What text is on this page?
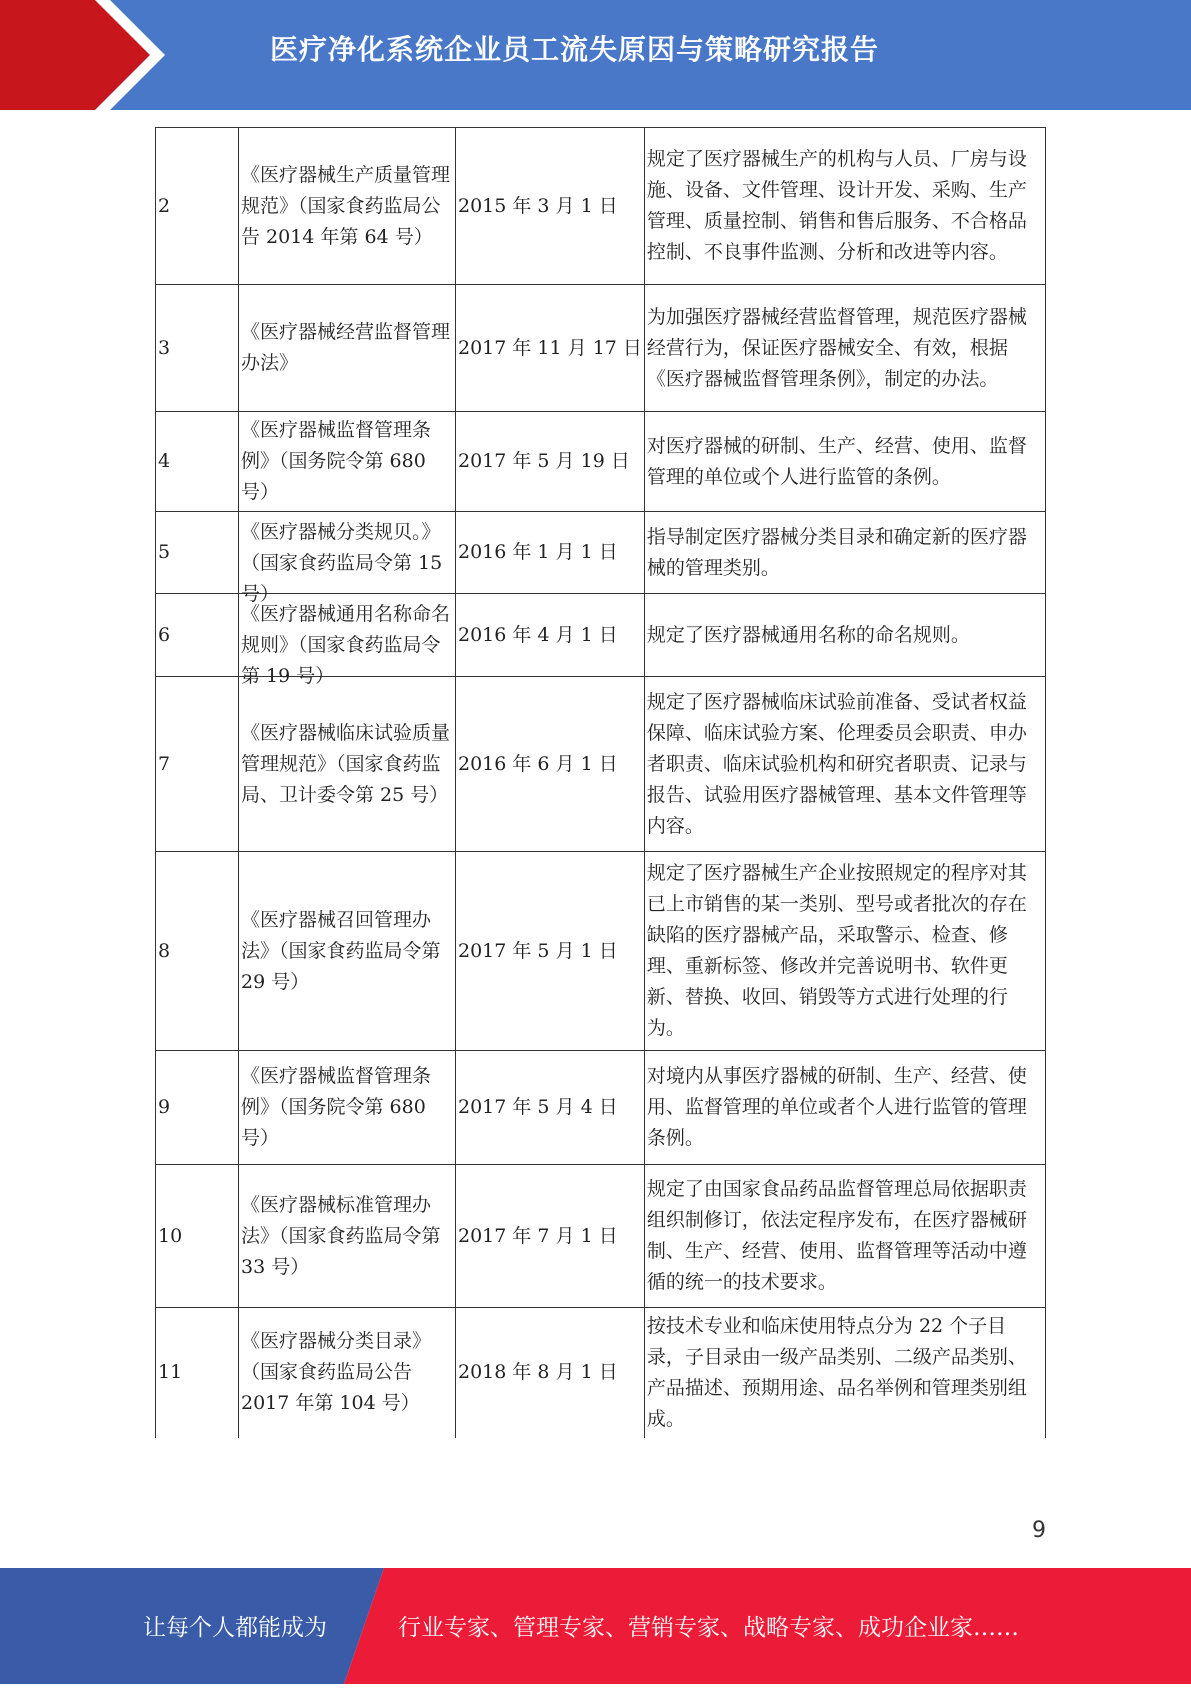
医疗净化系统企业员工流失原因与策略研究报告
2	《医疗器械生产质量管理规范》（国家食药监局公告 2014 年第 64 号）	2015 年 3 月 1 日	规定了医疗器械生产的机构与人员、厂房与设施、设备、文件管理、设计开发、采购、生产管理、质量控制、销售和售后服务、不合格品控制、不良事件监测、分析和改进等内容。
3	《医疗器械经营监督管理办法》	2017 年 11 月 17 日	为加强医疗器械经营监督管理，规范医疗器械经营行为，保证医疗器械安全、有效，根据《医疗器械监督管理条例》，制定的办法。
4	《医疗器械监督管理条例》（国务院令第 680 号）	2017 年 5 月 19 日	对医疗器械的研制、生产、经营、使用、监督管理的单位或个人进行监管的条例。
5	《医疗器械分类规贝。》（国家食药监局令第 15 号）	2016 年 1 月 1 日	指导制定医疗器械分类目录和确定新的医疗器械的管理类别。
6	《医疗器械通用名称命名规则》（国家食药监局令第 19 号）	2016 年 4 月 1 日	规定了医疗器械通用名称的命名规则。
7	《医疗器械临床试验质量管理规范》（国家食药监局、卫计委令第 25 号）	2016 年 6 月 1 日	规定了医疗器械临床试验前准备、受试者权益保障、临床试验方案、伦理委员会职责、申办者职责、临床试验机构和研究者职责、记录与报告、试验用医疗器械管理、基本文件管理等内容。
8	《医疗器械召回管理办法》（国家食药监局令第 29 号）	2017 年 5 月 1 日	规定了医疗器械生产企业按照规定的程序对其已上市销售的某一类别、型号或者批次的存在缺陷的医疗器械产品，采取警示、检查、修理、重新标签、修改并完善说明书、软件更新、替换、收回、销毁等方式进行处理的行为。
9	《医疗器械监督管理条例》（国务院令第 680 号）	2017 年 5 月 4 日	对境内从事医疗器械的研制、生产、经营、使用、监督管理的单位或者个人进行监管的管理条例。
10	《医疗器械标准管理办法》（国家食药监局令第 33 号）	2017 年 7 月 1 日	规定了由国家食品药品监督管理总局依据职责组织制修订，依法定程序发布，在医疗器械研制、生产、经营、使用、监督管理等活动中遵循的统一的技术要求。
11	《医疗器械分类目录》（国家食药监局公告 2017 年第 104 号）	2018 年 8 月 1 日	按技术专业和临床使用特点分为 22 个子目录，子目录由一级产品类别、二级产品类别、产品描述、预期用途、品名举例和管理类别组成。
9
让每个人都能成为	行业专家、管理专家、营销专家、战略专家、成功企业家……
